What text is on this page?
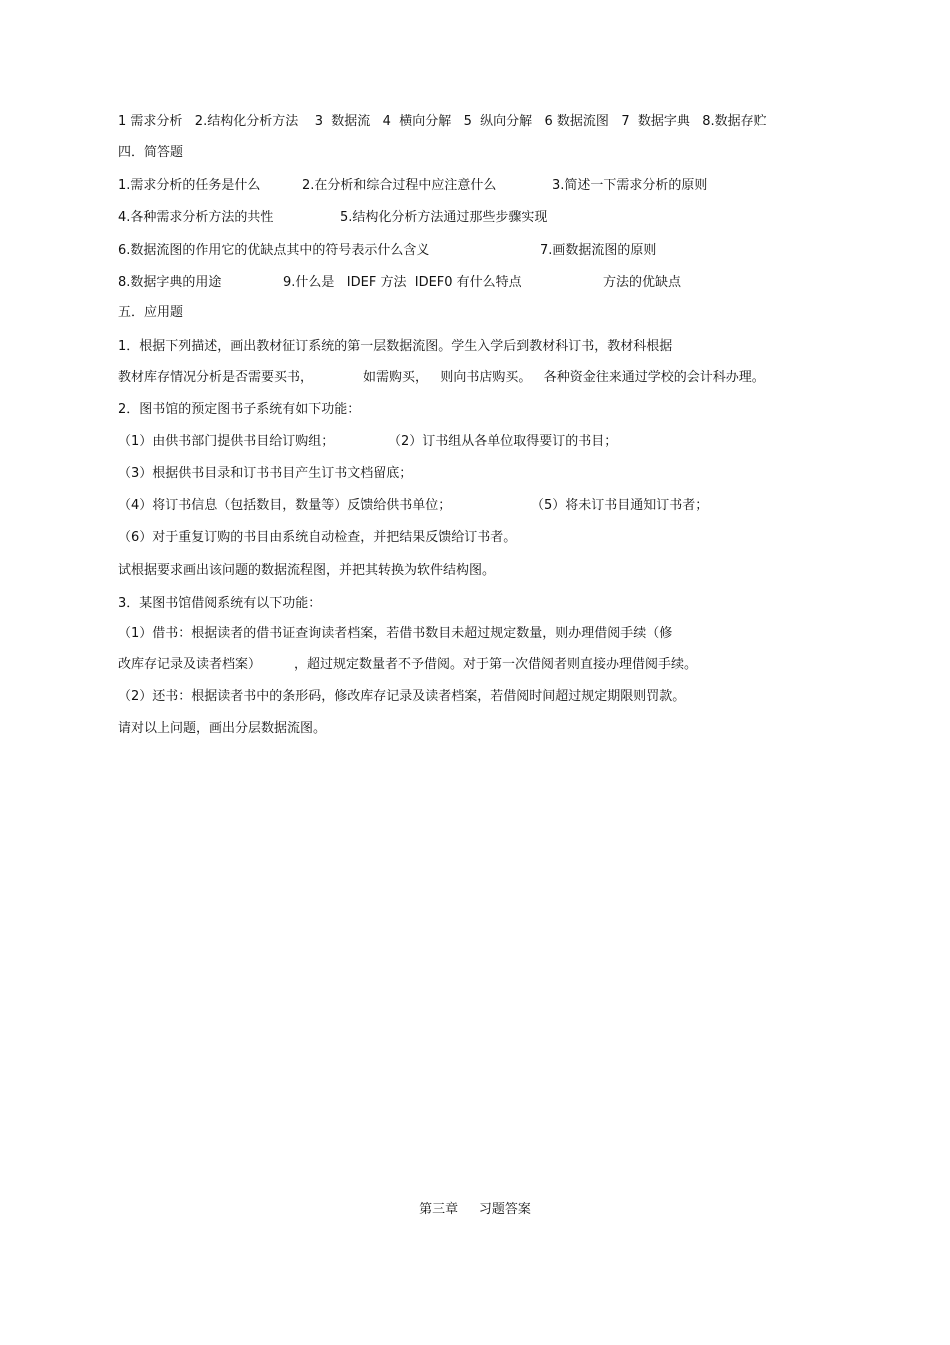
1 需求分析   2.结构化分析方法    3  数据流   4  横向分解   5  纵向分解   6 数据流图   7  数据字典   8.数据存贮
四．简答题

1.需求分析的任务是什么

	2.在分析和综合过程中应注意什么

	3.简述一下需求分析的原则

4.各种需求分析方法的共性

	5.结构化分析方法通过那些步骤实现

6.数据流图的作用它的优缺点其中的符号表示什么含义

	7.画数据流图的原则

8.数据字典的用途

	9.什么是   IDEF 方法  IDEF0 有什么特点

	方法的优缺点

五．应用题
1．根据下列描述，画出教材征订系统的第一层数据流图。学生入学后到教材科订书，教材科根据

教材库存情况分析是否需要买书，

	如需购买，   则向书店购买。   各种资金往来通过学校的会计科办理。

2．图书馆的预定图书子系统有如下功能：

（1）由供书部门提供书目给订购组；

	（2）订书组从各单位取得要订的书目；

（3）根据供书目录和订书书目产生订书文档留底；

（4）将订书信息（包括数目，数量等）反馈给供书单位；

	（5）将未订书目通知订书者；

（6）对于重复订购的书目由系统自动检查，并把结果反馈给订书者。
试根据要求画出该问题的数据流程图，并把其转换为软件结构图。
3．某图书馆借阅系统有以下功能：
（1）借书：根据读者的借书证查询读者档案，若借书数目未超过规定数量，则办理借阅手续（修

改库存记录及读者档案）

	，超过规定数量者不予借阅。对于第一次借阅者则直接办理借阅手续。

（2）还书：根据读者书中的条形码，修改库存记录及读者档案，若借阅时间超过规定期限则罚款。
请对以上问题，画出分层数据流图。
第三章     习题答案
